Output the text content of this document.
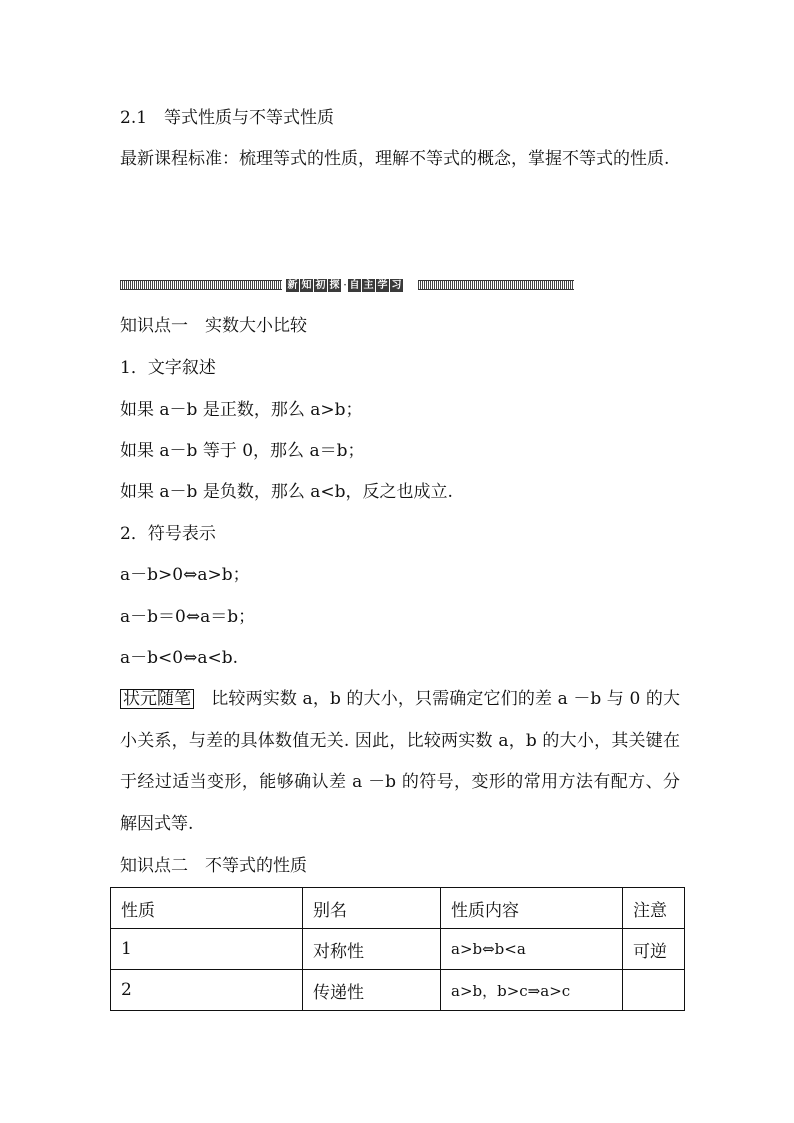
2.1　等式性质与不等式性质
最新课程标准：梳理等式的性质，理解不等式的概念，掌握不等式的性质.
新 知 初 探 · 自 主 学 习
知识点一　实数大小比较
1．文字叙述
如果 a－b 是正数，那么 a>b；
如果 a－b 等于 0，那么 a＝b；
如果 a－b 是负数，那么 a<b，反之也成立.
2．符号表示
a－b>0⇔a>b；
a－b＝0⇔a＝b；
a－b<0⇔a<b.
状元随笔　比较两实数 a，b 的大小，只需确定它们的差 a －b 与 0 的大小关系，与差的具体数值无关. 因此，比较两实数 a，b 的大小，其关键在于经过适当变形，能够确认差 a －b 的符号，变形的常用方法有配方、分解因式等.
知识点二　不等式的性质
性质	别名	性质内容	注意
1	对称性	a>b⇔b<a	可逆
2	传递性	a>b，b>c⇒a>c	
